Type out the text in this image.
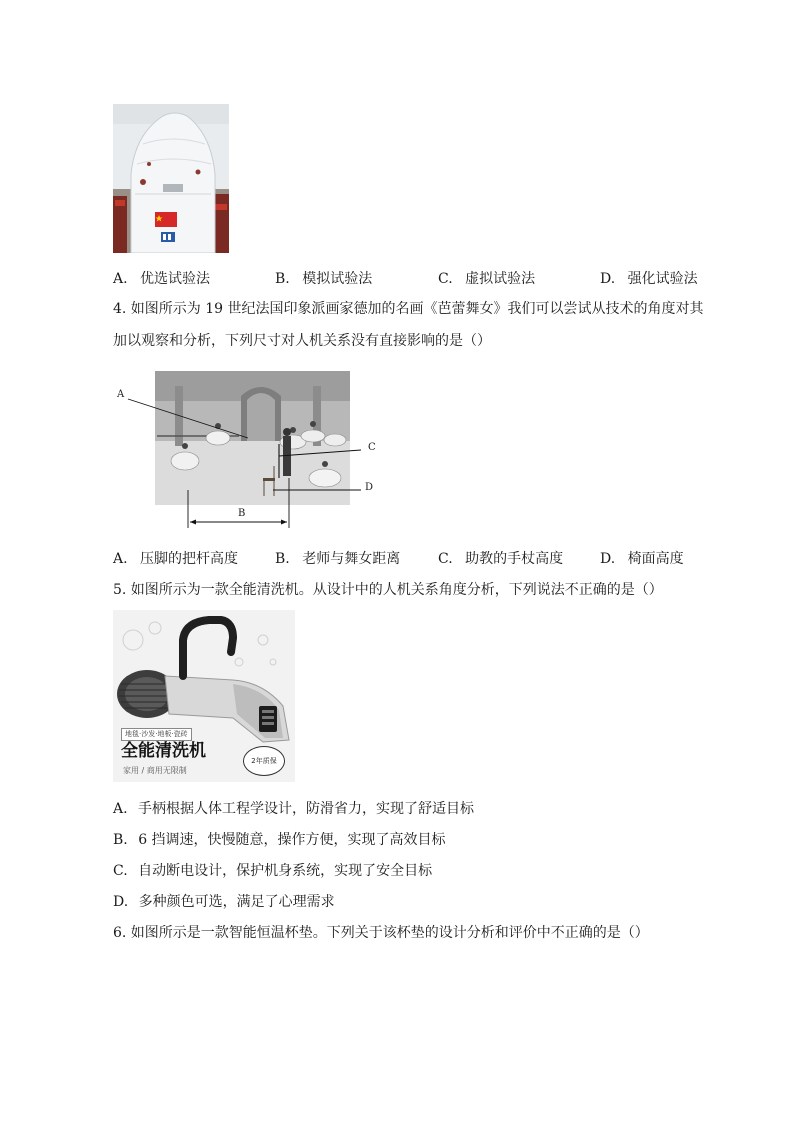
A. 优选试验法	B. 模拟试验法	C. 虚拟试验法	D. 强化试验法
4. 如图所示为 19 世纪法国印象派画家德加的名画《芭蕾舞女》我们可以尝试从技术的角度对其
加以观察和分析，下列尺寸对人机关系没有直接影响的是（）
A
B
C
D
A. 压脚的把杆高度	B. 老师与舞女距离	C. 助教的手杖高度	D. 椅面高度
5. 如图所示为一款全能清洗机。从设计中的人机关系角度分析，下列说法不正确的是（）
地毯·沙发·地板·瓷砖
全能清洗机
家用 / 商用无限制
2年质保
A. 手柄根据人体工程学设计，防滑省力，实现了舒适目标
B. 6 挡调速，快慢随意，操作方便，实现了高效目标
C. 自动断电设计，保护机身系统，实现了安全目标
D. 多种颜色可选，满足了心理需求
6. 如图所示是一款智能恒温杯垫。下列关于该杯垫的设计分析和评价中不正确的是（）
